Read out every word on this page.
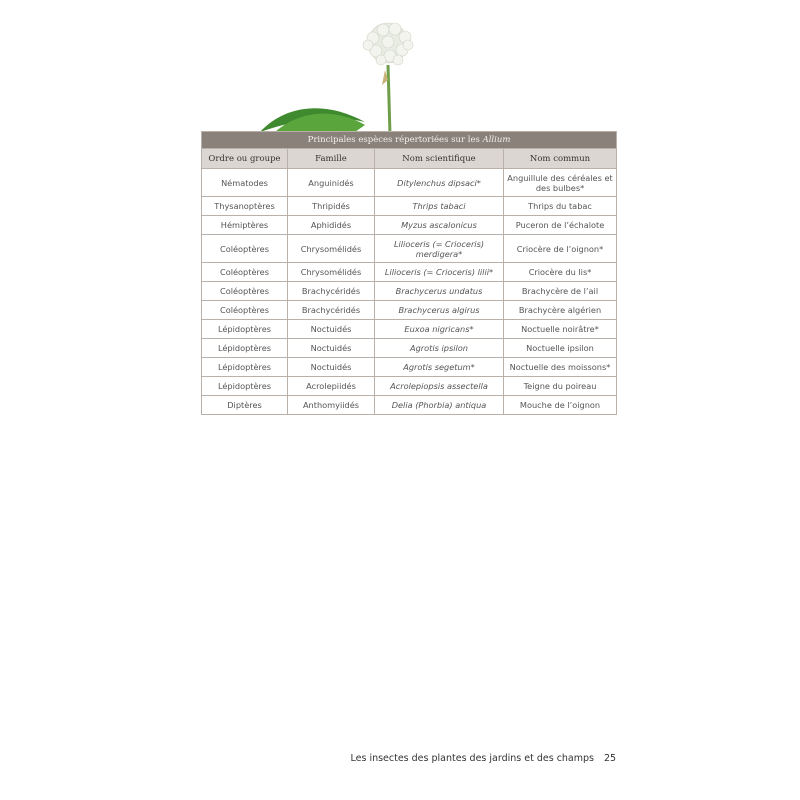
Principales espèces répertoriées sur les Allium			
Ordre ou groupe	Famille	Nom scientifique	Nom commun
Nématodes	Anguinidés	Ditylenchus dipsaci*	Anguillule des céréales et des bulbes*
Thysanoptères	Thripidés	Thrips tabaci	Thrips du tabac
Hémiptères	Aphididés	Myzus ascalonicus	Puceron de l’échalote
Coléoptères	Chrysomélidés	Lilioceris (= Crioceris) merdigera*	Criocère de l’oignon*
Coléoptères	Chrysomélidés	Lilioceris (= Crioceris) lilii*	Criocère du lis*
Coléoptères	Brachycéridés	Brachycerus undatus	Brachycère de l’ail
Coléoptères	Brachycéridés	Brachycerus algirus	Brachycère algérien
Lépidoptères	Noctuidés	Euxoa nigricans*	Noctuelle noirâtre*
Lépidoptères	Noctuidés	Agrotis ipsilon	Noctuelle ipsilon
Lépidoptères	Noctuidés	Agrotis segetum*	Noctuelle des moissons*
Lépidoptères	Acrolepiidés	Acrolepiopsis assectella	Teigne du poireau
Diptères	Anthomyiidés	Delia (Phorbia) antiqua	Mouche de l’oignon
Les insectes des plantes des jardins et des champs 25
